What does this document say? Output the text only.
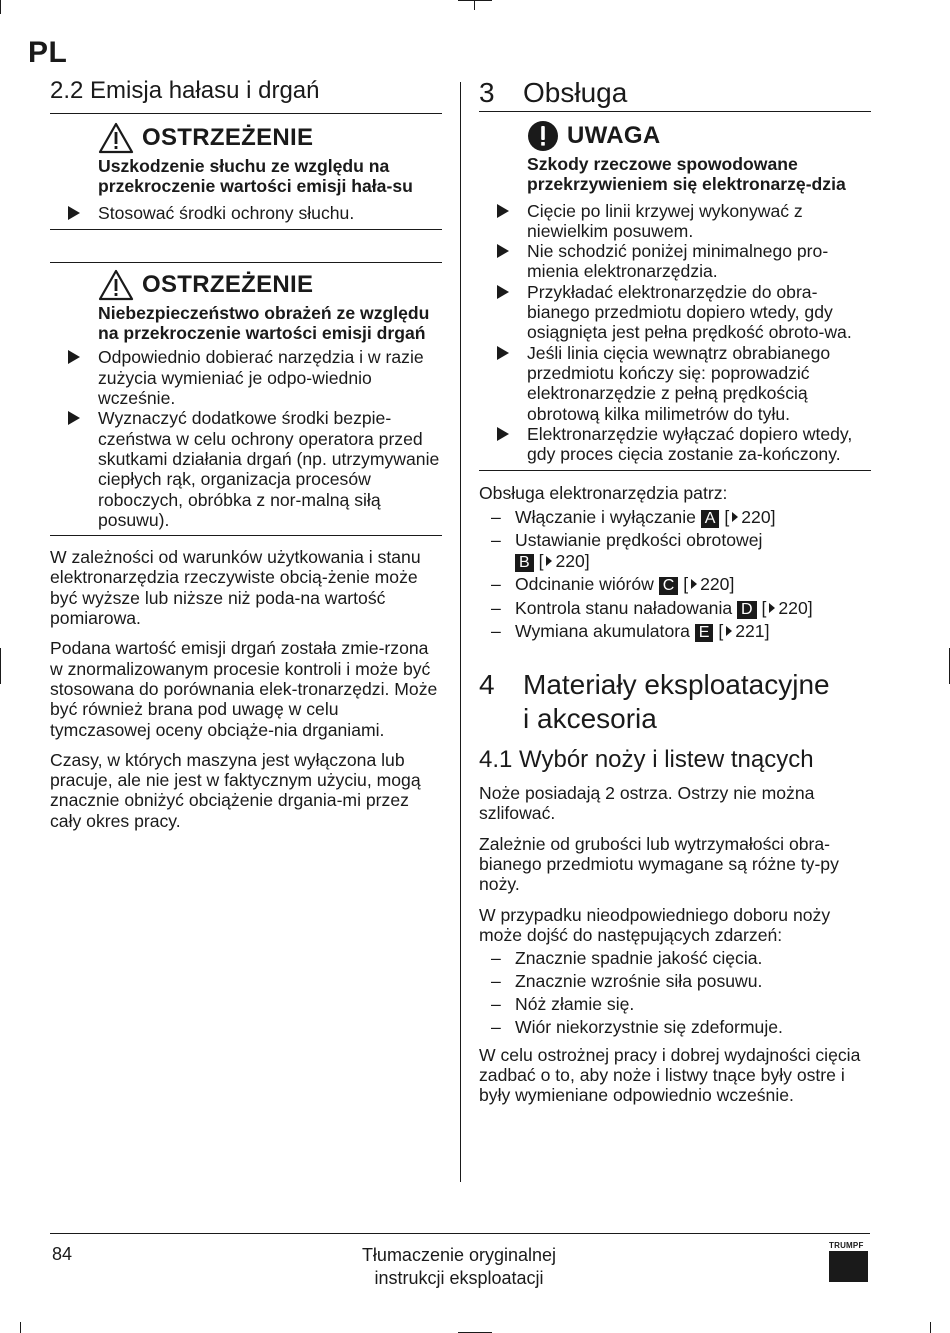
PL
2.2 Emisja hałasu i drgań
OSTRZEŻENIE

Uszkodzenie słuchu ze względu na przekroczenie wartości emisji hała-su

Stosować środki ochrony słuchu.
OSTRZEŻENIE

Niebezpieczeństwo obrażeń ze względu na przekroczenie wartości emisji drgań

Odpowiednio dobierać narzędzia i w razie zużycia wymieniać je odpo-wiednio wcześnie.
Wyznaczyć dodatkowe środki bezpie-czeństwa w celu ochrony operatora przed skutkami działania drgań (np. utrzymywanie ciepłych rąk, organizacja procesów roboczych, obróbka z nor-malną siłą posuwu).

W zależności od warunków użytkowania i stanu elektronarzędzia rzeczywiste obcią-żenie może być wyższe lub niższe niż poda-na wartość pomiarowa.

Podana wartość emisji drgań została zmie-rzona w znormalizowanym procesie kontroli i może być stosowana do porównania elek-tronarzędzi. Może być również brana pod uwagę w celu tymczasowej oceny obciąże-nia drganiami.

Czasy, w których maszyna jest wyłączona lub pracuje, ale nie jest w faktycznym użyciu, mogą znacznie obniżyć obciążenie drgania-mi przez cały okres pracy.

3	Obsługa
UWAGA

Szkody rzeczowe spowodowane przekrzywieniem się elektronarzę-dzia

Cięcie po linii krzywej wykonywać z niewielkim posuwem.
Nie schodzić poniżej minimalnego pro-mienia elektronarzędzia.
Przykładać elektronarzędzie do obra-bianego przedmiotu dopiero wtedy, gdy osiągnięta jest pełna prędkość obroto-wa.
Jeśli linia cięcia wewnątrz obrabianego przedmiotu kończy się: poprowadzić elektronarzędzie z pełną prędkością obrotową kilka milimetrów do tyłu.
Elektronarzędzie wyłączać dopiero wtedy, gdy proces cięcia zostanie za-kończony.

Obsługa elektronarzędzia patrz:

– Włączanie i wyłączanie A [ 220]
– Ustawianie prędkości obrotowej
B [ 220]
– Odcinanie wiórów C [ 220]
– Kontrola stanu naładowania D [ 220]
– Wymiana akumulatora E [ 221]
4	Materiały eksploatacyjne
i akcesoria
4.1 Wybór noży i listew tnących

Noże posiadają 2 ostrza. Ostrzy nie można szlifować.

Zależnie od grubości lub wytrzymałości obra-bianego przedmiotu wymagane są różne ty-py noży.

W przypadku nieodpowiedniego doboru noży może dojść do następujących zdarzeń:

– Znacznie spadnie jakość cięcia.
– Znacznie wzrośnie siła posuwu.
– Nóż złamie się.
– Wiór niekorzystnie się zdeformuje.

W celu ostrożnej pracy i dobrej wydajności cięcia zadbać o to, aby noże i listwy tnące były ostre i były wymieniane odpowiednio wcześnie.

84	Tłumaczenie oryginalnej
instrukcji eksploatacji
TRUMPF
